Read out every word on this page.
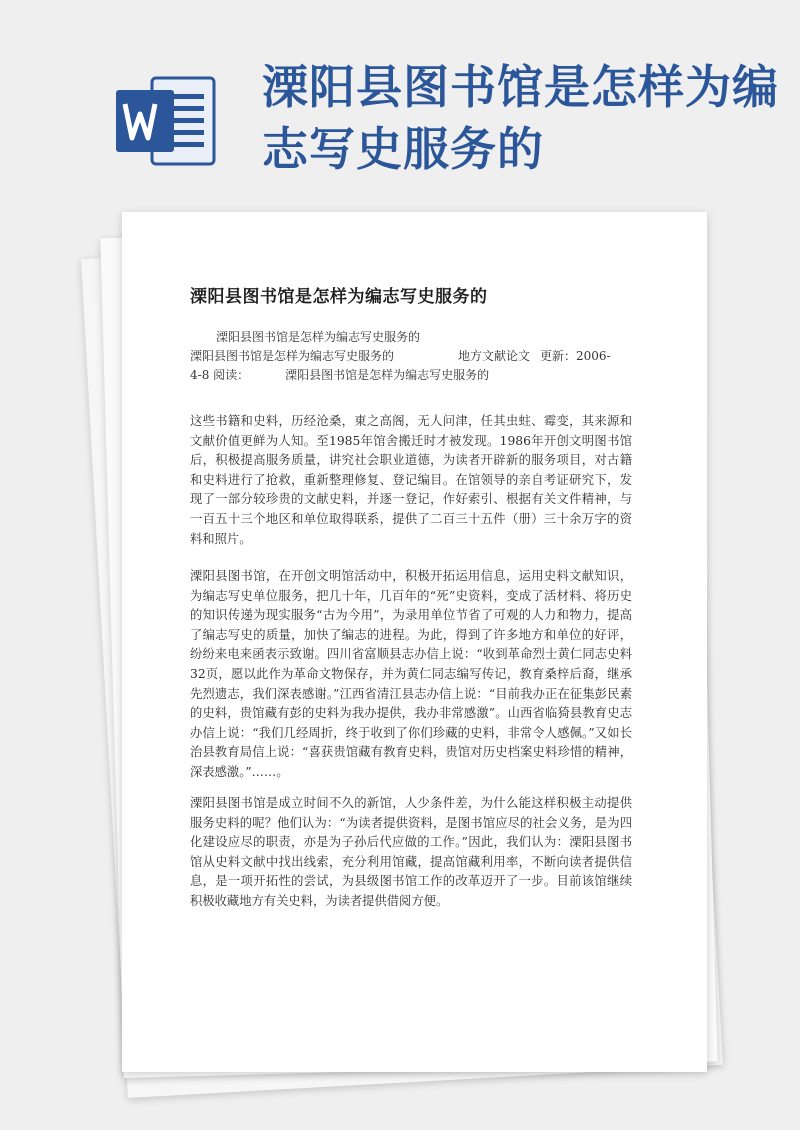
溧阳县图书馆是怎样为编志写史服务的
溧阳县图书馆是怎样为编志写史服务的
溧阳县图书馆是怎样为编志写史服务的
溧阳县图书馆是怎样为编志写史服务的	地方文献论文 更新：2006-
4-8 阅读：	溧阳县图书馆是怎样为编志写史服务的

这些书籍和史料，历经沧桑，東之高阁，无人问津，任其虫蛀、霉变，其来源和文献价值更鲜为人知。至1985年馆舍搬迁时才被发现。1986年开创文明图书馆后，积极提高服务质量，讲究社会职业道德，为读者开辟新的服务项目，对古籍和史料进行了抢救，重新整理修复、登记编目。在馆领导的亲自考证研究下，发现了一部分较珍贵的文献史料，并逐一登记，作好索引、根据有关文件精神，与一百五十三个地区和单位取得联系，提供了二百三十五件（册）三十余万字的资料和照片。

溧阳县图书馆，在开创文明馆活动中，积极开拓运用信息，运用史料文献知识，为编志写史单位服务，把几十年，几百年的“死”史资料，变成了活材料、将历史的知识传递为现实服务“古为今用”，为录用单位节省了可观的人力和物力，提高了编志写史的质量，加快了编志的进程。为此，得到了许多地方和单位的好评，纷纷来电来函表示致谢。四川省富顺县志办信上说：“收到革命烈士黄仁同志史料32页，愿以此作为革命文物保存，并为黄仁同志编写传记，教育桑梓后裔，继承先烈遗志，我们深表感谢。”江西省清江县志办信上说：“目前我办正在征集彭民素的史料，贵馆藏有彭的史料为我办提供，我办非常感激”。山西省临猗县教育史志办信上说：“我们几经周折，终于收到了你们珍藏的史料，非常令人感佩。”又如长治县教育局信上说：“喜获贵馆藏有教育史料，贵馆对历史档案史料珍惜的精神，深表感激。”……。

溧阳县图书馆是成立时间不久的新馆，人少条件差，为什么能这样积极主动提供服务史料的呢？他们认为：“为读者提供资料，是图书馆应尽的社会义务，是为四化建设应尽的职责，亦是为子孙后代应做的工作。”因此，我们认为：溧阳县图书馆从史料文献中找出线索，充分利用馆藏，提高馆藏利用率，不断向读者提供信息，是一项开拓性的尝试，为县级图书馆工作的改革迈开了一步。目前该馆继续积极收藏地方有关史料，为读者提供借阅方便。
